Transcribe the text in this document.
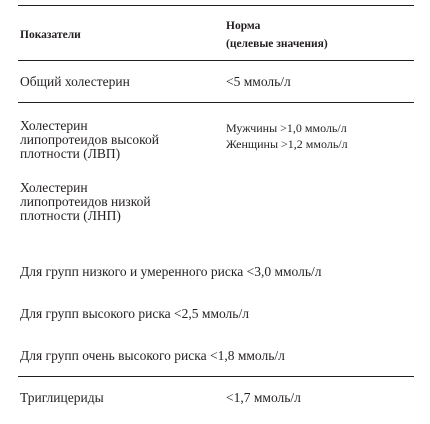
Показатели
Норма
(целевые значения)
Общий холестерин	<5 ммоль/л
Холестерин
липопротеидов высокой
плотности (ЛВП)
Мужчины >1,0 ммоль/л
Женщины >1,2 ммоль/л
Холестерин
липопротеидов низкой
плотности (ЛНП)
Для групп низкого и умеренного риска <3,0 ммоль/л
Для групп высокого риска <2,5 ммоль/л
Для групп очень высокого риска <1,8 ммоль/л
Триглицериды	<1,7 ммоль/л
